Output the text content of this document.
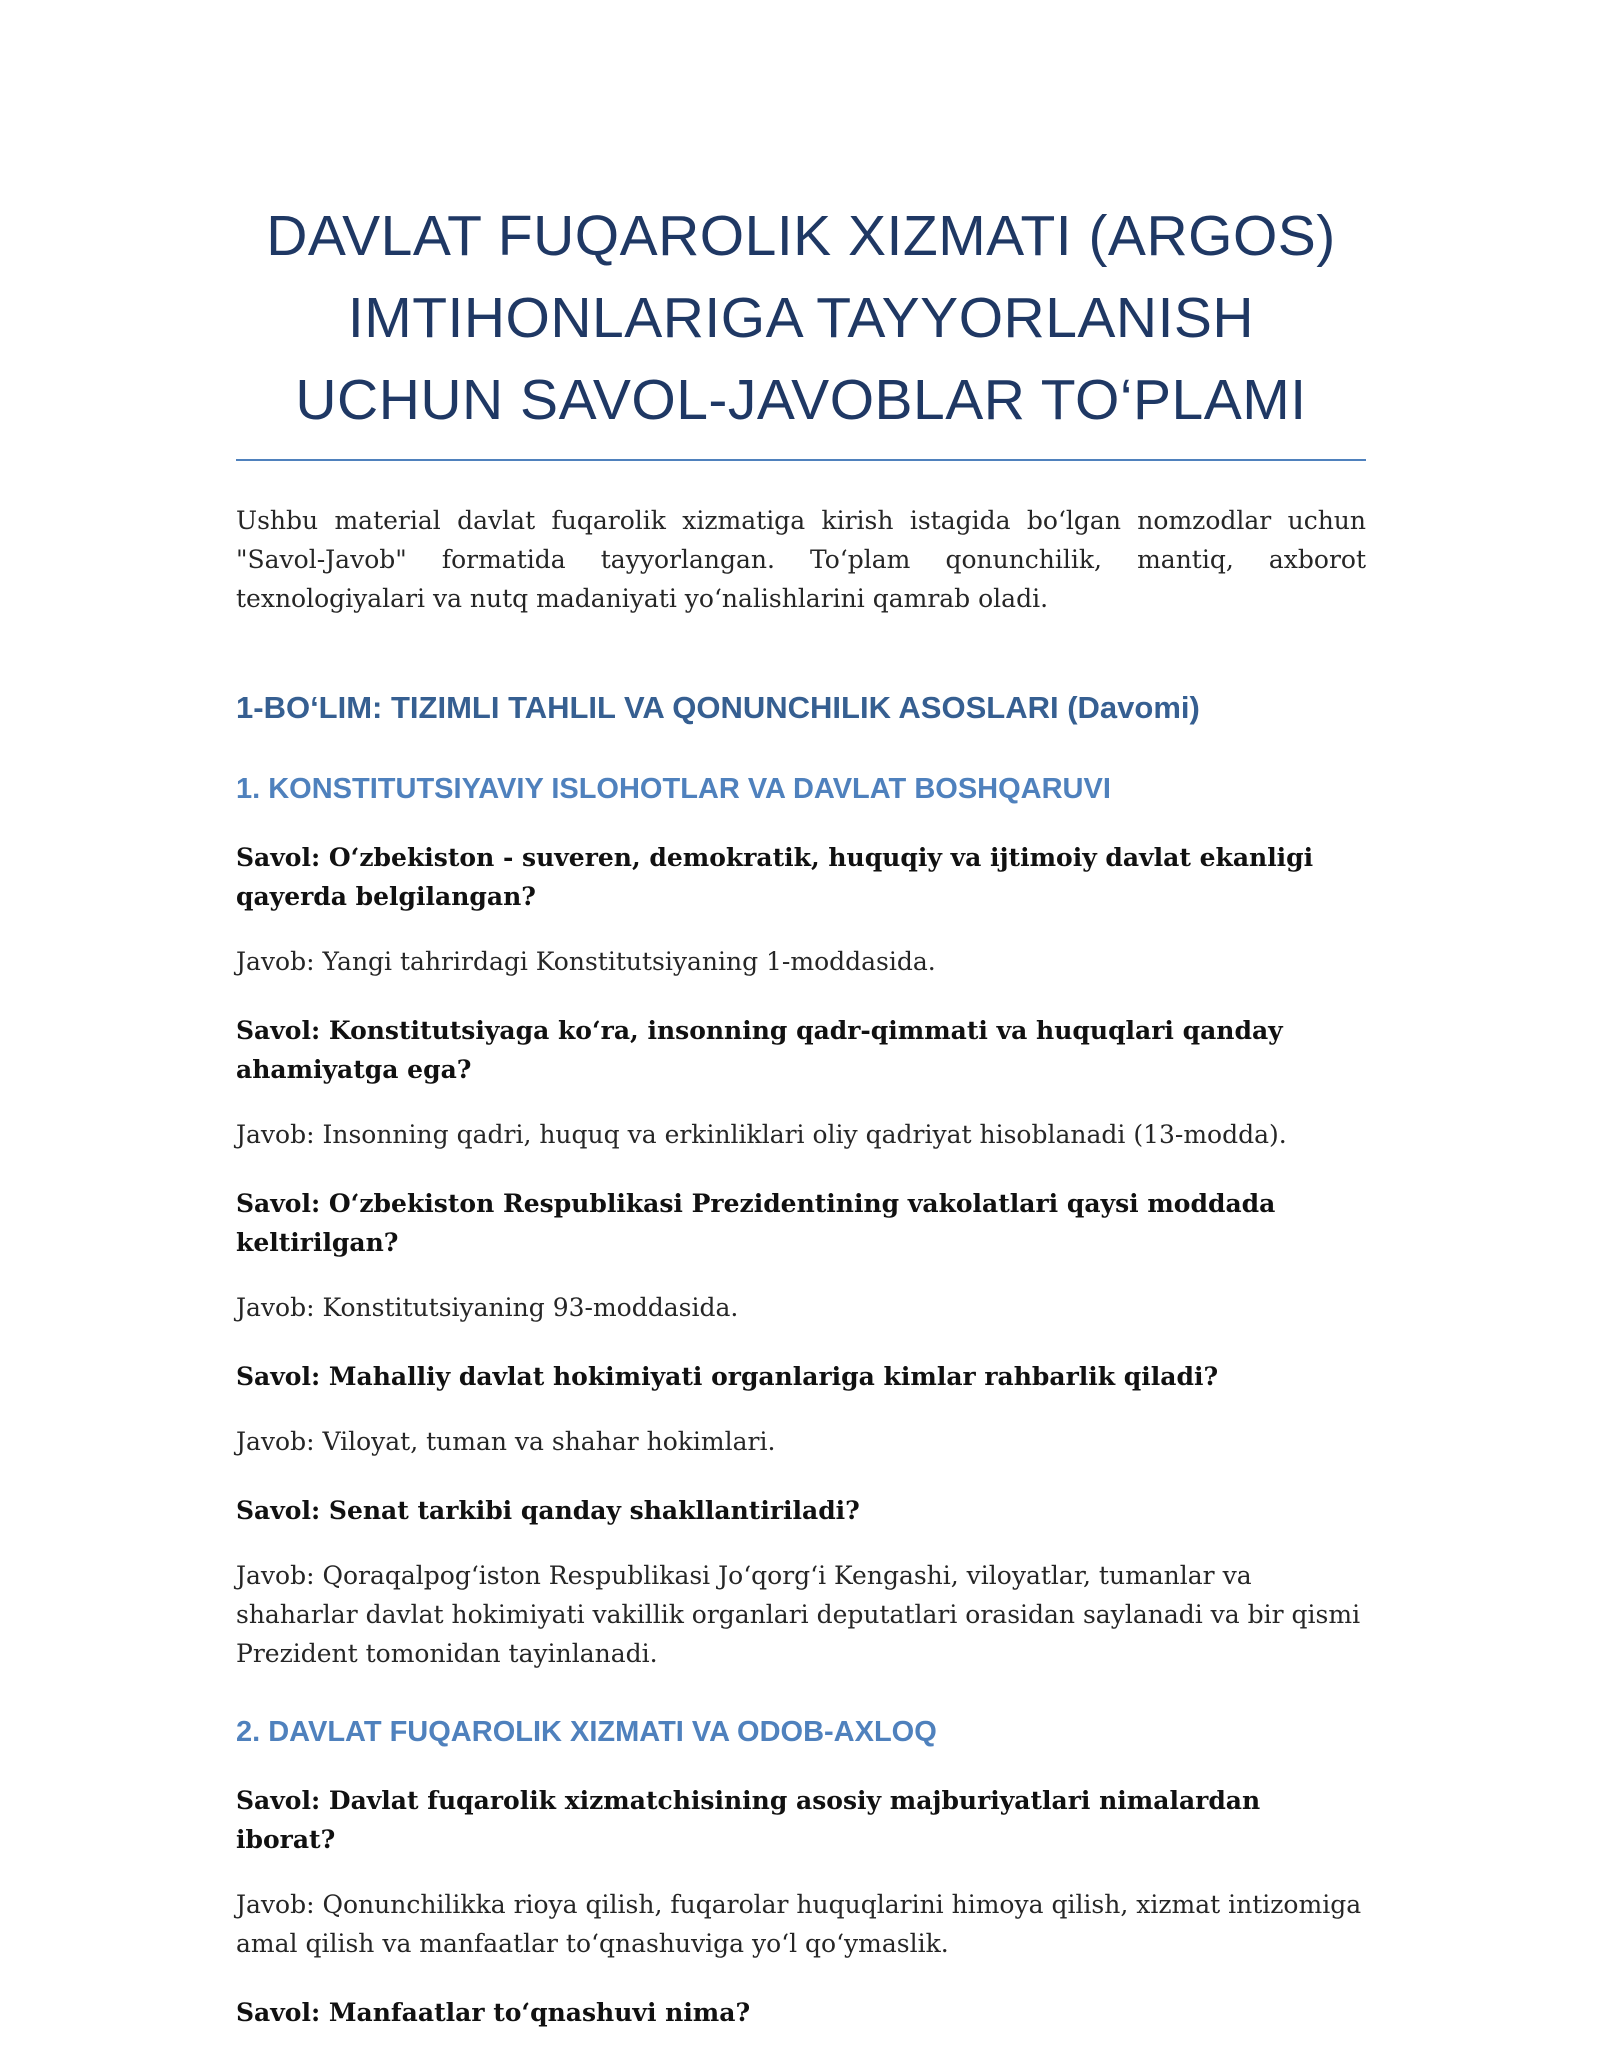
DAVLAT FUQAROLIK XIZMATI (ARGOS)
IMTIHONLARIGA TAYYORLANISH
UCHUN SAVOL-JAVOBLAR TO‘PLAMI

Ushbu material davlat fuqarolik xizmatiga kirish istagida bo‘lgan nomzodlar uchun "Savol-Javob" formatida tayyorlangan. To‘plam qonunchilik, mantiq, axborot texnologiyalari va nutq madaniyati yo‘nalishlarini qamrab oladi.

1-BO‘LIM: TIZIMLI TAHLIL VA QONUNCHILIK ASOSLARI (Davomi)
1. KONSTITUTSIYAVIY ISLOHOTLAR VA DAVLAT BOSHQARUVI

Savol: O‘zbekiston - suveren, demokratik, huquqiy va ijtimoiy davlat ekanligi qayerda belgilangan?

Javob: Yangi tahrirdagi Konstitutsiyaning 1-moddasida.

Savol: Konstitutsiyaga ko‘ra, insonning qadr-qimmati va huquqlari qanday ahamiyatga ega?

Javob: Insonning qadri, huquq va erkinliklari oliy qadriyat hisoblanadi (13-modda).

Savol: O‘zbekiston Respublikasi Prezidentining vakolatlari qaysi moddada keltirilgan?

Javob: Konstitutsiyaning 93-moddasida.

Savol: Mahalliy davlat hokimiyati organlariga kimlar rahbarlik qiladi?

Javob: Viloyat, tuman va shahar hokimlari.

Savol: Senat tarkibi qanday shakllantiriladi?

Javob: Qoraqalpog‘iston Respublikasi Jo‘qorg‘i Kengashi, viloyatlar, tumanlar va shaharlar davlat hokimiyati vakillik organlari deputatlari orasidan saylanadi va bir qismi Prezident tomonidan tayinlanadi.

2. DAVLAT FUQAROLIK XIZMATI VA ODOB-AXLOQ

Savol: Davlat fuqarolik xizmatchisining asosiy majburiyatlari nimalardan iborat?

Javob: Qonunchilikka rioya qilish, fuqarolar huquqlarini himoya qilish, xizmat intizomiga amal qilish va manfaatlar to‘qnashuviga yo‘l qo‘ymaslik.

Savol: Manfaatlar to‘qnashuvi nima?
